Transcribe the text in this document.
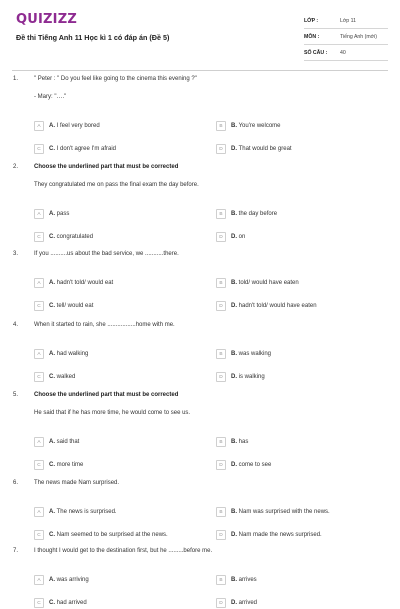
QUIZIZZ
Đề thi Tiếng Anh 11 Học kì 1 có đáp án (Đề 5)
LỚP :	Lớp 11
MÔN :	Tiếng Anh (mới)
SỐ CÂU :	40
1.	" Peter : " Do you feel like going to the cinema this evening ?"
- Mary: "…."
A	A. I feel very bored	B	B. You're welcome
C	C. I don't agree I'm afraid	D	D. That would be great
2.	Choose the underlined part that must be corrected
They congratulated me on pass the final exam the day before.
A	A. pass	B	B. the day before
C	C. congratulated	D	D. on
3.	If you ..........us about the bad service, we ...........there.
A	A. hadn't told/ would eat	B	B. told/ would have eaten
C	C. tell/ would eat	D	D. hadn't told/ would have eaten
4.	When it started to rain, she .................home with me.
A	A. had walking	B	B. was walking
C	C. walked	D	D. is walking
5.	Choose the underlined part that must be corrected
He said that if he has more time, he would come to see us.
A	A. said that	B	B. has
C	C. more time	D	D. come to see
6.	The news made Nam surprised.
A	A. The news is surprised.	B	B. Nam was surprised with the news.
C	C. Nam seemed to be surprised at the news.	D	D. Nam made the news surprised.
7.	I thought I would get to the destination first, but he .........before me.
A	A. was arriving	B	B. arrives
C	C. had arrived	D	D. arrived
